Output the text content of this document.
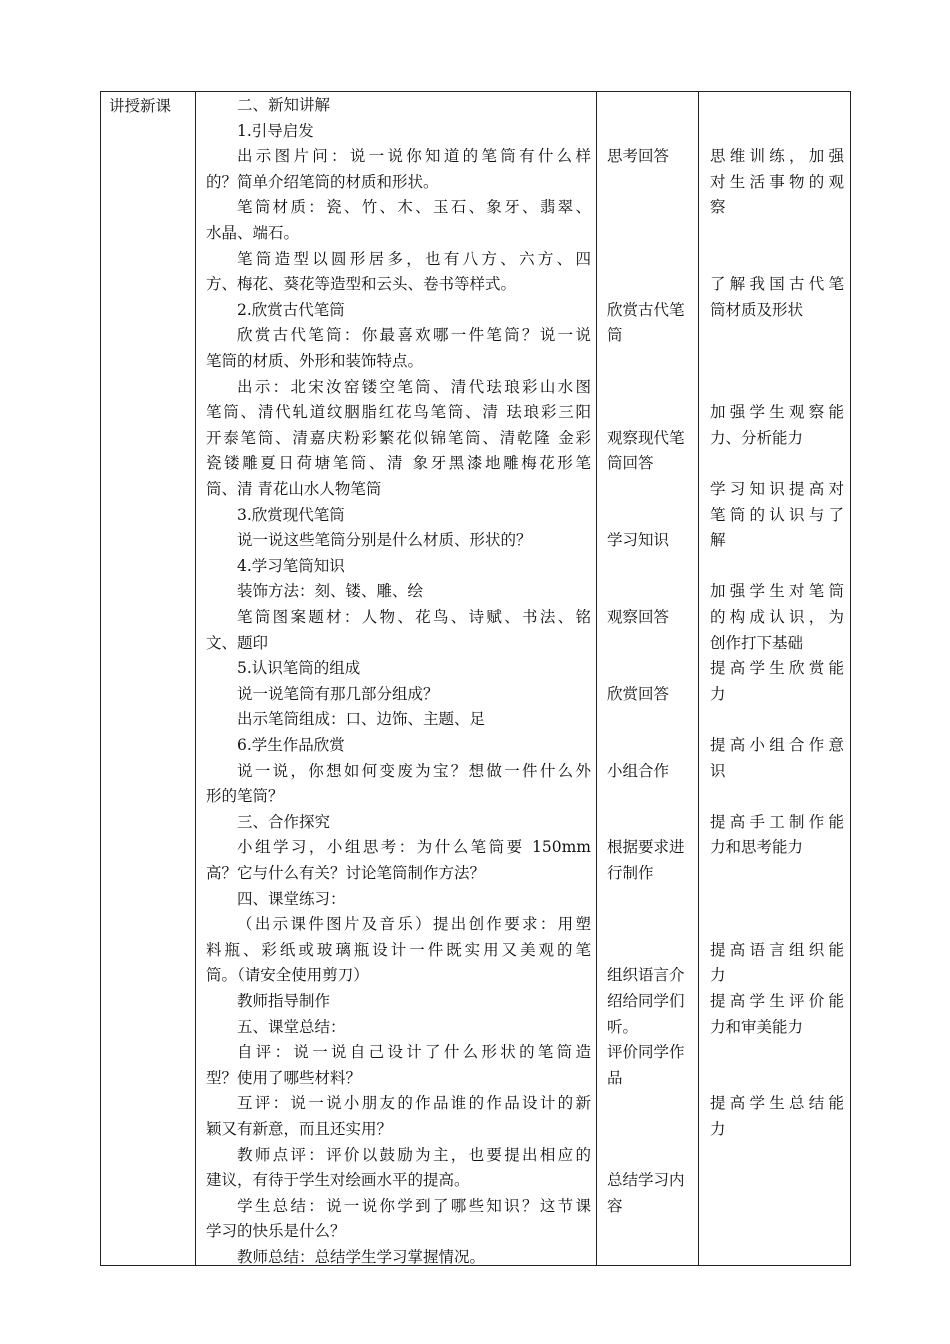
讲授新课	二、新知讲解
1.引导启发
出示图片问：说一说你知道的笔筒有什么样
的？简单介绍笔筒的材质和形状。
笔筒材质：瓷、竹、木、玉石、象牙、翡翠、
水晶、端石。
笔筒造型以圆形居多，也有八方、六方、四
方、梅花、葵花等造型和云头、卷书等样式。
2.欣赏古代笔筒
欣赏古代笔筒：你最喜欢哪一件笔筒？说一说
笔筒的材质、外形和装饰特点。
出示：北宋汝窑镂空笔筒、清代珐琅彩山水图
笔筒、清代轧道纹胭脂红花鸟笔筒、清 珐琅彩三阳
开泰笔筒、清嘉庆粉彩繁花似锦笔筒、清乾隆 金彩
瓷镂雕夏日荷塘笔筒、清 象牙黑漆地雕梅花形笔
筒、清 青花山水人物笔筒
3.欣赏现代笔筒
说一说这些笔筒分别是什么材质、形状的？
4.学习笔筒知识
装饰方法：刻、镂、雕、绘
笔筒图案题材：人物、花鸟、诗赋、书法、铭
文、题印
5.认识笔筒的组成
说一说笔筒有那几部分组成？
出示笔筒组成：口、边饰、主题、足
6.学生作品欣赏
说一说，你想如何变废为宝？想做一件什么外
形的笔筒？
三、合作探究
小组学习，小组思考：为什么笔筒要 150mm
高？它与什么有关？讨论笔筒制作方法？
四、课堂练习：
（出示课件图片及音乐）提出创作要求：用塑
料瓶、彩纸或玻璃瓶设计一件既实用又美观的笔
筒。（请安全使用剪刀）
教师指导制作
五、课堂总结：
自评：说一说自己设计了什么形状的笔筒造
型？使用了哪些材料？
互评：说一说小朋友的作品谁的作品设计的新
颖又有新意，而且还实用？
教师点评：评价以鼓励为主，也要提出相应的
建议，有待于学生对绘画水平的提高。
学生总结：说一说你学到了哪些知识？这节课
学习的快乐是什么？
教师总结：总结学生学习掌握情况。
思考回答
欣赏古代笔
筒
观察现代笔
筒回答
学习知识
观察回答
欣赏回答
小组合作
根据要求进
行制作
组织语言介
绍给同学们
听。
评价同学作
品
总结学习内
容
思维训练，加强
对生活事物的观
察
了解我国古代笔
筒材质及形状
加强学生观察能
力、分析能力
学习知识提高对
笔筒的认识与了
解
加强学生对笔筒
的构成认识，为
创作打下基础
提高学生欣赏能
力
提高小组合作意
识
提高手工制作能
力和思考能力
提高语言组织能
力
提高学生评价能
力和审美能力
提高学生总结能
力
